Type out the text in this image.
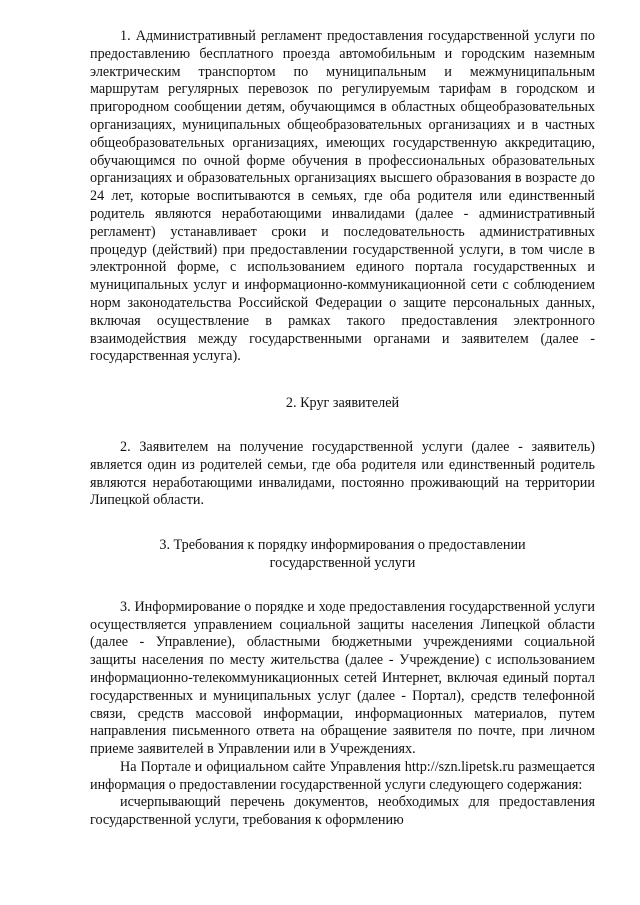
1. Административный регламент предоставления государственной услуги по предоставлению бесплатного проезда автомобильным и городским наземным электрическим транспортом по муниципальным и межмуниципальным маршрутам регулярных перевозок по регулируемым тарифам в городском и пригородном сообщении детям, обучающимся в областных общеобразовательных организациях, муниципальных общеобразовательных организациях и в частных общеобразовательных организациях, имеющих государственную аккредитацию, обучающимся по очной форме обучения в профессиональных образовательных организациях и образовательных организациях высшего образования в возрасте до 24 лет, которые воспитываются в семьях, где оба родителя или единственный родитель являются неработающими инвалидами (далее - административный регламент) устанавливает сроки и последовательность административных процедур (действий) при предоставлении государственной услуги, в том числе в электронной форме, с использованием единого портала государственных и муниципальных услуг и информационно-коммуникационной сети с соблюдением норм законодательства Российской Федерации о защите персональных данных, включая осуществление в рамках такого предоставления электронного взаимодействия между государственными органами и заявителем (далее - государственная услуга).

2. Круг заявителей

2. Заявителем на получение государственной услуги (далее - заявитель) является один из родителей семьи, где оба родителя или единственный родитель являются неработающими инвалидами, постоянно проживающий на территории Липецкой области.

3. Требования к порядку информирования о предоставлении

государственной услуги

3. Информирование о порядке и ходе предоставления государственной услуги осуществляется управлением социальной защиты населения Липецкой области (далее - Управление), областными бюджетными учреждениями социальной защиты населения по месту жительства (далее - Учреждение) с использованием информационно-телекоммуникационных сетей Интернет, включая единый портал государственных и муниципальных услуг (далее - Портал), средств телефонной связи, средств массовой информации, информационных материалов, путем направления письменного ответа на обращение заявителя по почте, при личном приеме заявителей в Управлении или в Учреждениях.

На Портале и официальном сайте Управления http://szn.lipetsk.ru размещается информация о предоставлении государственной услуги следующего содержания:

исчерпывающий перечень документов, необходимых для предоставления государственной услуги, требования к оформлению
